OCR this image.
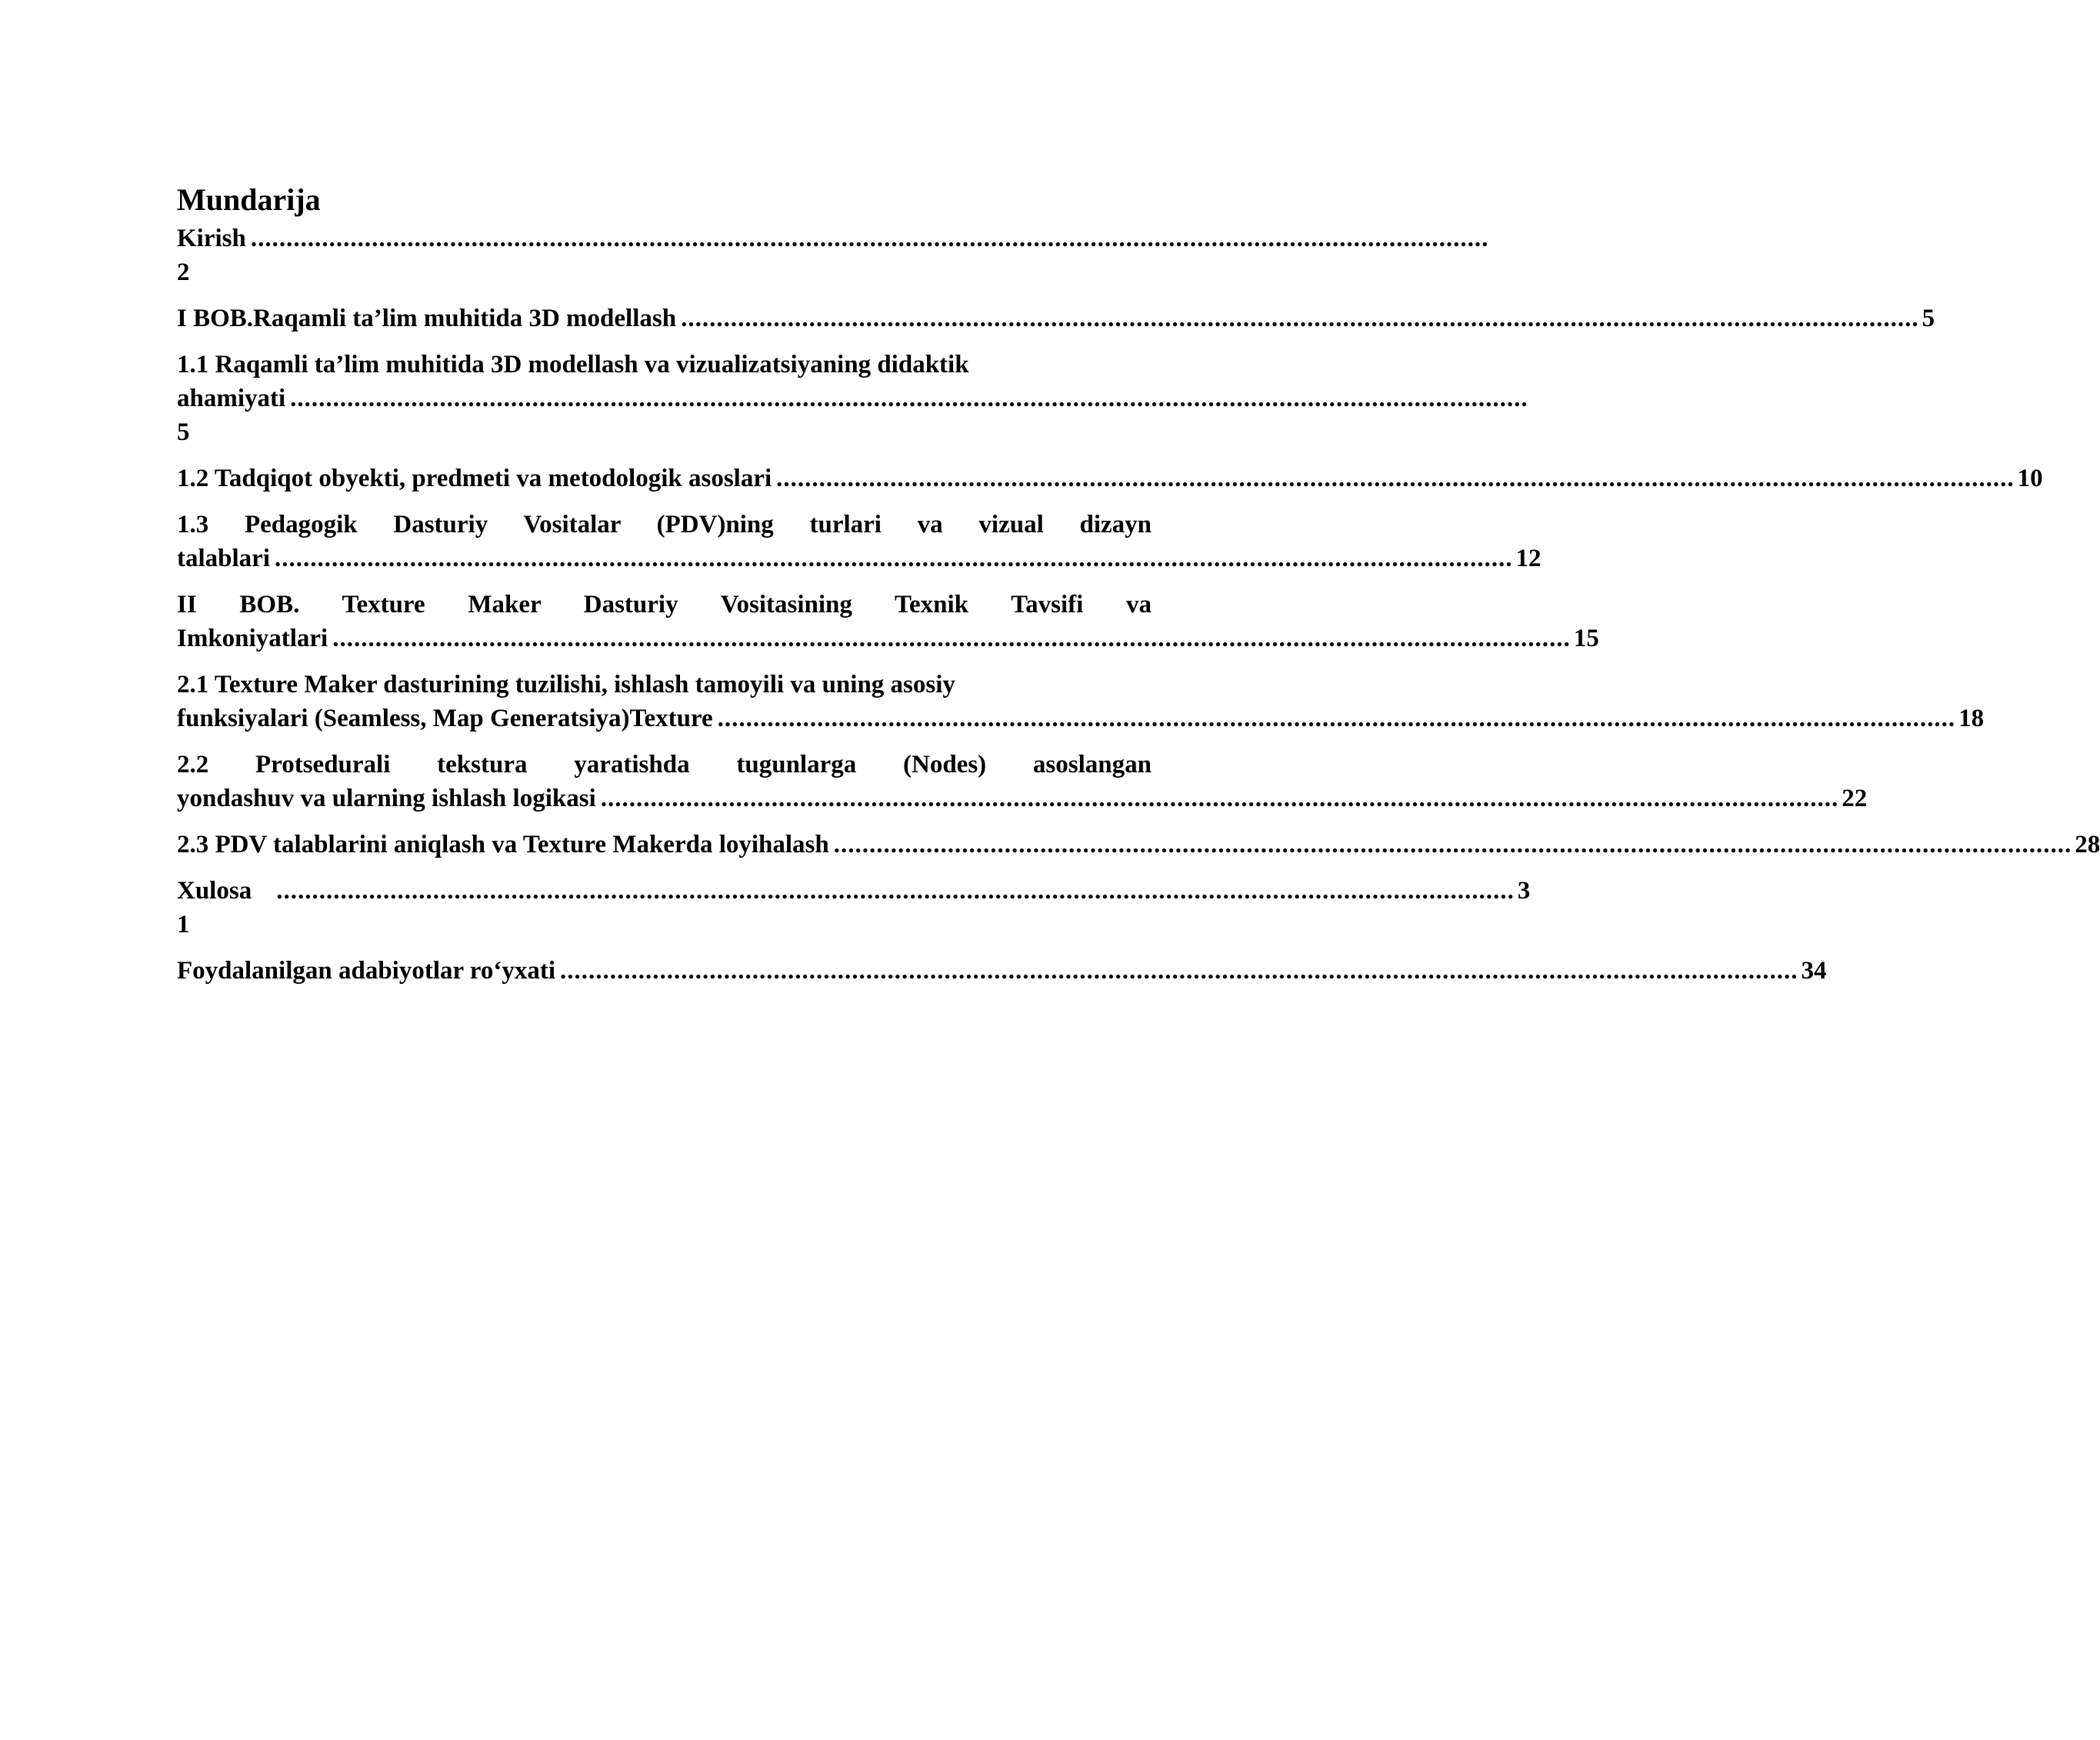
Mundarija

Kirish ..............................................................................................................................................................................
2
I BOB.Raqamli ta’lim muhitida 3D modellash .............................................................................................................................................................................. 5
1.1 Raqamli ta’lim muhitida 3D modellash va vizualizatsiyaning didaktik
ahamiyati ..............................................................................................................................................................................
5
1.2 Tadqiqot obyekti, predmeti va metodologik asoslari .............................................................................................................................................................................. 10
1.3 Pedagogik Dasturiy Vositalar (PDV)ning turlari va vizual dizayn
talablari .............................................................................................................................................................................. 12
II BOB. Texture Maker Dasturiy Vositasining Texnik Tavsifi va
Imkoniyatlari .............................................................................................................................................................................. 15
2.1 Texture Maker dasturining tuzilishi, ishlash tamoyili va uning asosiy
funksiyalari (Seamless, Map Generatsiya)Texture .............................................................................................................................................................................. 18
2.2 Protsedurali tekstura yaratishda tugunlarga (Nodes) asoslangan
yondashuv va ularning ishlash logikasi .............................................................................................................................................................................. 22
2.3 PDV talablarini aniqlash va Texture Makerda loyihalash .............................................................................................................................................................................. 28
Xulosa .............................................................................................................................................................................. 3
1
Foydalanilgan adabiyotlar ro‘yxati .............................................................................................................................................................................. 34
